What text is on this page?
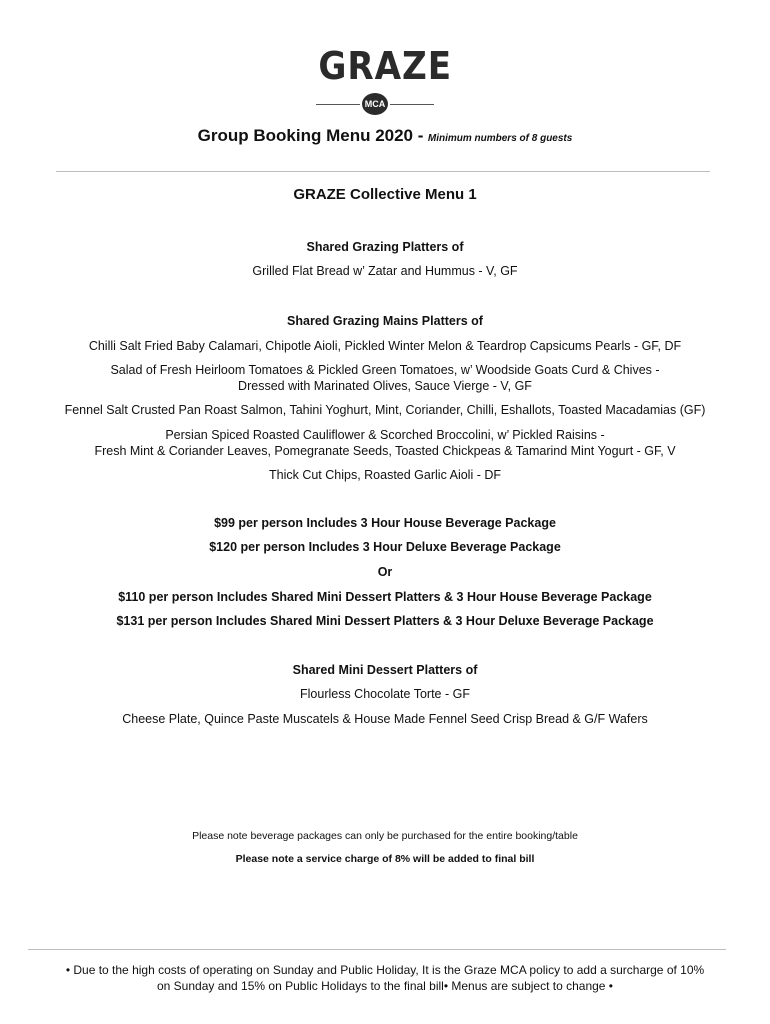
GRAZE
MCA
Group Booking Menu 2020 - Minimum numbers of 8 guests
GRAZE Collective Menu 1
Shared Grazing Platters of
Grilled Flat Bread w’ Zatar and Hummus - V, GF
Shared Grazing Mains Platters of
Chilli Salt Fried Baby Calamari, Chipotle Aioli, Pickled Winter Melon & Teardrop Capsicums Pearls - GF, DF
Salad of Fresh Heirloom Tomatoes & Pickled Green Tomatoes, w’ Woodside Goats Curd & Chives -
Dressed with Marinated Olives, Sauce Vierge - V, GF
Fennel Salt Crusted Pan Roast Salmon, Tahini Yoghurt, Mint, Coriander, Chilli, Eshallots, Toasted Macadamias (GF)
Persian Spiced Roasted Cauliflower & Scorched Broccolini, w’ Pickled Raisins -
Fresh Mint & Coriander Leaves, Pomegranate Seeds, Toasted Chickpeas & Tamarind Mint Yogurt - GF, V
Thick Cut Chips, Roasted Garlic Aioli - DF
$99 per person Includes 3 Hour House Beverage Package
$120 per person Includes 3 Hour Deluxe Beverage Package
Or
$110 per person Includes Shared Mini Dessert Platters & 3 Hour House Beverage Package
$131 per person Includes Shared Mini Dessert Platters & 3 Hour Deluxe Beverage Package
Shared Mini Dessert Platters of
Flourless Chocolate Torte - GF
Cheese Plate, Quince Paste Muscatels & House Made Fennel Seed Crisp Bread & G/F Wafers
Please note beverage packages can only be purchased for the entire booking/table
Please note a service charge of 8% will be added to final bill
• Due to the high costs of operating on Sunday and Public Holiday, It is the Graze MCA policy to add a surcharge of 10%
on Sunday and 15% on Public Holidays to the final bill• Menus are subject to change •
